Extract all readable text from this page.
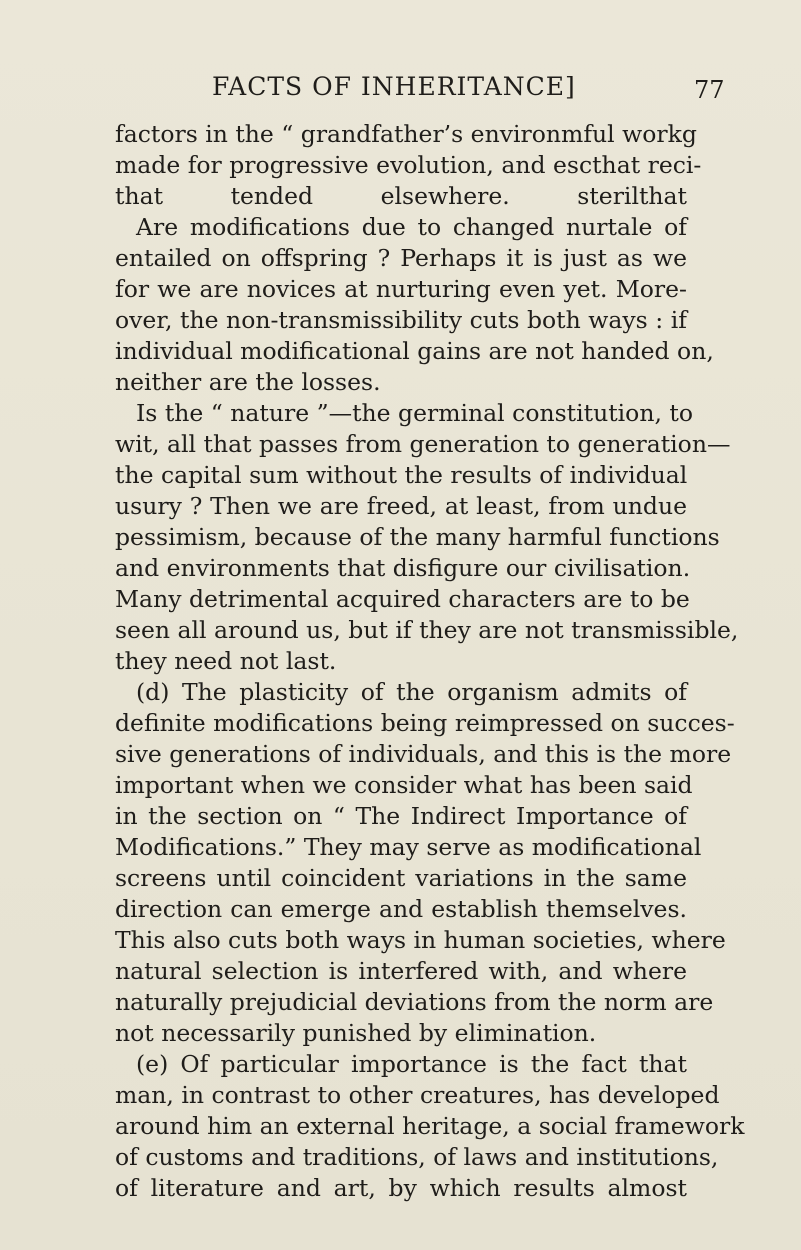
FACTS OF INHERITANCE]	77
factors in the “ grandfather’s environmful workg
made for progressive evolution, and escthat reci-
that tended elsewhere. sterilthat
Are modifications due to changed nurtale of
entailed on offspring ? Perhaps it is just as we
for we are novices at nurturing even yet. More-
over, the non-transmissibility cuts both ways : if
individual modificational gains are not handed on,
neither are the losses.
Is the “ nature ”—the germinal constitution, to
wit, all that passes from generation to generation—
the capital sum without the results of individual
usury ? Then we are freed, at least, from undue
pessimism, because of the many harmful functions
and environments that disfigure our civilisation.
Many detrimental acquired characters are to be
seen all around us, but if they are not transmissible,
they need not last.
(d) The plasticity of the organism admits of
definite modifications being reimpressed on succes-
sive generations of individuals, and this is the more
important when we consider what has been said
in the section on “ The Indirect Importance of
Modifications.” They may serve as modificational
screens until coincident variations in the same
direction can emerge and establish themselves.
This also cuts both ways in human societies, where
natural selection is interfered with, and where
naturally prejudicial deviations from the norm are
not necessarily punished by elimination.
(e) Of particular importance is the fact that
man, in contrast to other creatures, has developed
around him an external heritage, a social framework
of customs and traditions, of laws and institutions,
of literature and art, by which results almost
